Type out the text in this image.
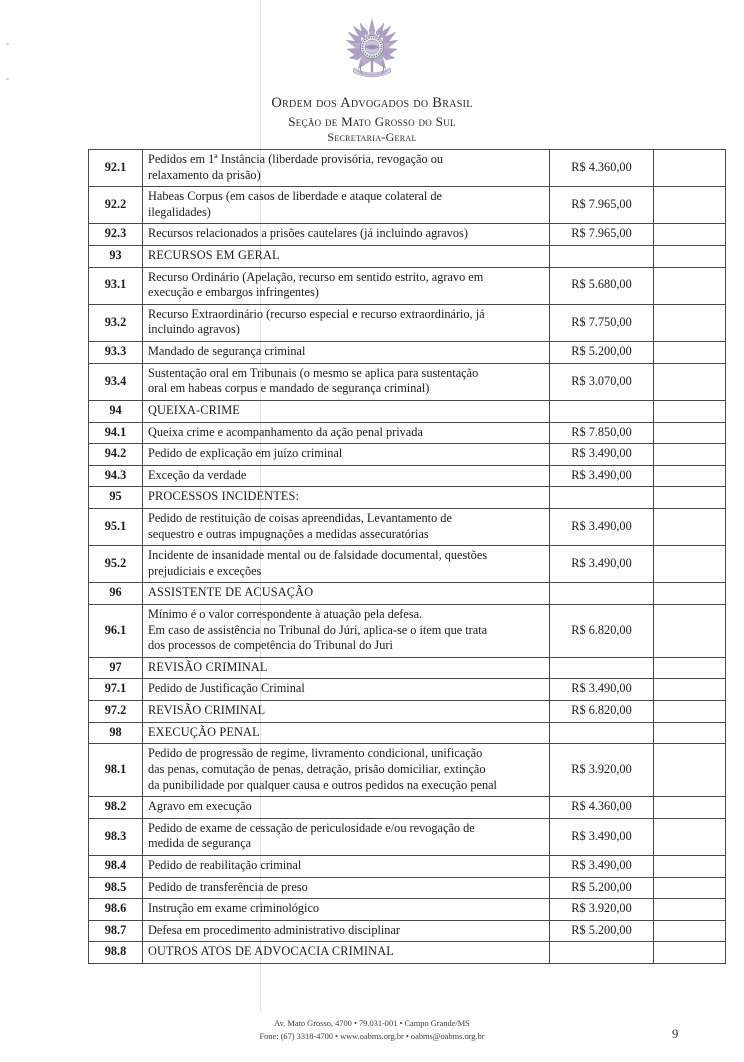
Ordem dos Advogados do Brasil
Seção de Mato Grosso do Sul
Secretaria-Geral
92.1	Pedidos em 1ª Instância (liberdade provisória, revogação ou
relaxamento da prisão)	R$ 4.360,00	
92.2	Habeas Corpus (em casos de liberdade e ataque colateral de
ilegalidades)	R$ 7.965,00	
92.3	Recursos relacionados a prisões cautelares (já incluindo agravos)	R$ 7.965,00	
93	RECURSOS EM GERAL		

93.1	Recurso Ordinário (Apelação, recurso em sentido estrito, agravo em
execução e embargos infringentes)	R$ 5.680,00	
93.2	Recurso Extraordinário (recurso especial e recurso extraordinário, já
incluindo agravos)	R$ 7.750,00	
93.3	Mandado de segurança criminal	R$ 5.200,00	
93.4	Sustentação oral em Tribunais (o mesmo se aplica para sustentação
oral em habeas corpus e mandado de segurança criminal)	R$ 3.070,00	
94	QUEIXA-CRIME		

94.1	Queixa crime e acompanhamento da ação penal privada	R$ 7.850,00	
94.2	Pedido de explicação em juízo criminal	R$ 3.490,00	
94.3	Exceção da verdade	R$ 3.490,00	
95	PROCESSOS INCIDENTES:		

95.1	Pedido de restituição de coisas apreendidas, Levantamento de
sequestro e outras impugnações a medidas assecuratórias	R$ 3.490,00	
95.2	Incidente de insanidade mental ou de falsidade documental, questões
prejudiciais e exceções	R$ 3.490,00	
96	ASSISTENTE DE ACUSAÇÃO		

96.1	Mínimo é o valor correspondente à atuação pela defesa.
Em caso de assistência no Tribunal do Júri, aplica-se o item que trata
dos processos de competência do Tribunal do Juri	R$ 6.820,00	
97	REVISÃO CRIMINAL		

97.1	Pedido de Justificação Criminal	R$ 3.490,00	
97.2	REVISÃO CRIMINAL	R$ 6.820,00	
98	EXECUÇÃO PENAL		

98.1	Pedido de progressão de regime, livramento condicional, unificação
das penas, comutação de penas, detração, prisão domiciliar, extinção
da punibilidade por qualquer causa e outros pedidos na execução penal	R$ 3.920,00	
98.2	Agravo em execução	R$ 4.360,00	
98.3	Pedido de exame de cessação de periculosidade e/ou revogação de
medida de segurança	R$ 3.490,00	
98.4	Pedido de reabilitação criminal	R$ 3.490,00	
98.5	Pedido de transferência de preso	R$ 5.200,00	
98.6	Instrução em exame criminológico	R$ 3.920,00	
98.7	Defesa em procedimento administrativo disciplinar	R$ 5.200,00	
98.8	OUTROS ATOS DE ADVOCACIA CRIMINAL		

Av. Mato Grosso, 4700 • 79.031-001 • Campo Grande/MS
Fone: (67) 3318-4700 • www.oabms.org.br • oabms@oabms.org.br	9
